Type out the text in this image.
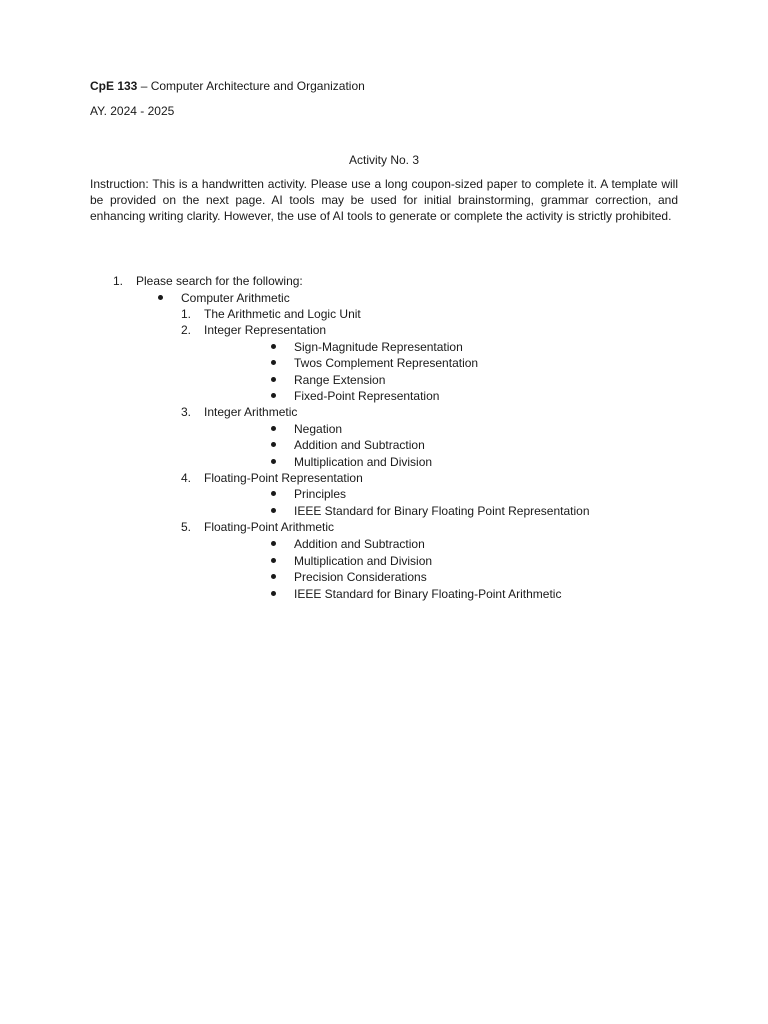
CpE 133 – Computer Architecture and Organization
AY. 2024 - 2025
Activity No. 3
Instruction: This is a handwritten activity. Please use a long coupon-sized paper to complete it. A template will be provided on the next page. AI tools may be used for initial brainstorming, grammar correction, and enhancing writing clarity. However, the use of AI tools to generate or complete the activity is strictly prohibited.
1. Please search for the following:
Computer Arithmetic
1. The Arithmetic and Logic Unit
2. Integer Representation
Sign-Magnitude Representation
Twos Complement Representation
Range Extension
Fixed-Point Representation
3. Integer Arithmetic
Negation
Addition and Subtraction
Multiplication and Division
4. Floating-Point Representation
Principles
IEEE Standard for Binary Floating Point Representation
5. Floating-Point Arithmetic
Addition and Subtraction
Multiplication and Division
Precision Considerations
IEEE Standard for Binary Floating-Point Arithmetic
